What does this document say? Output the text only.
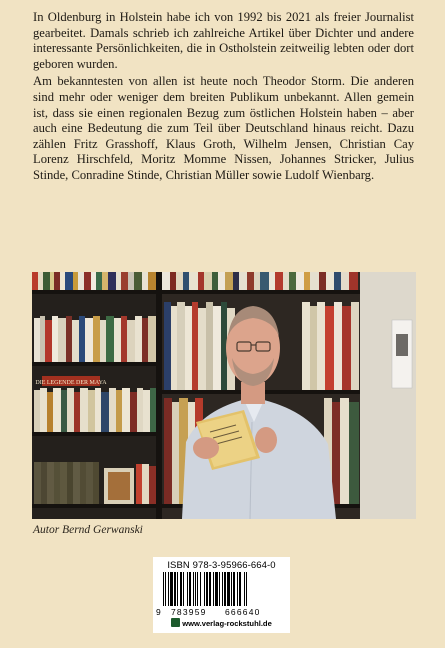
In Oldenburg in Holstein habe ich von 1992 bis 2021 als freier Journalist gearbeitet. Damals schrieb ich zahlreiche Artikel über Dichter und andere interessante Persönlichkeiten, die in Ostholstein zeitweilig lebten oder dort geboren wurden.

Am bekanntesten von allen ist heute noch Theodor Storm. Die anderen sind mehr oder weniger dem breiten Publikum unbekannt. Allen gemein ist, dass sie einen regionalen Bezug zum östlichen Holstein haben – aber auch eine Bedeutung die zum Teil über Deutschland hinaus reicht. Dazu zählen Fritz Grasshoff, Klaus Groth, Wilhelm Jensen, Christian Cay Lorenz Hirschfeld, Moritz Momme Nissen, Johannes Stricker, Julius Stinde, Conradine Stinde, Christian Müller sowie Ludolf Wienbarg.

DIE LEGENDE DER MAYA
Autor Bernd Gerwanski
ISBN 978-3-95966-664-0
9 783959 666640
www.verlag-rockstuhl.de
